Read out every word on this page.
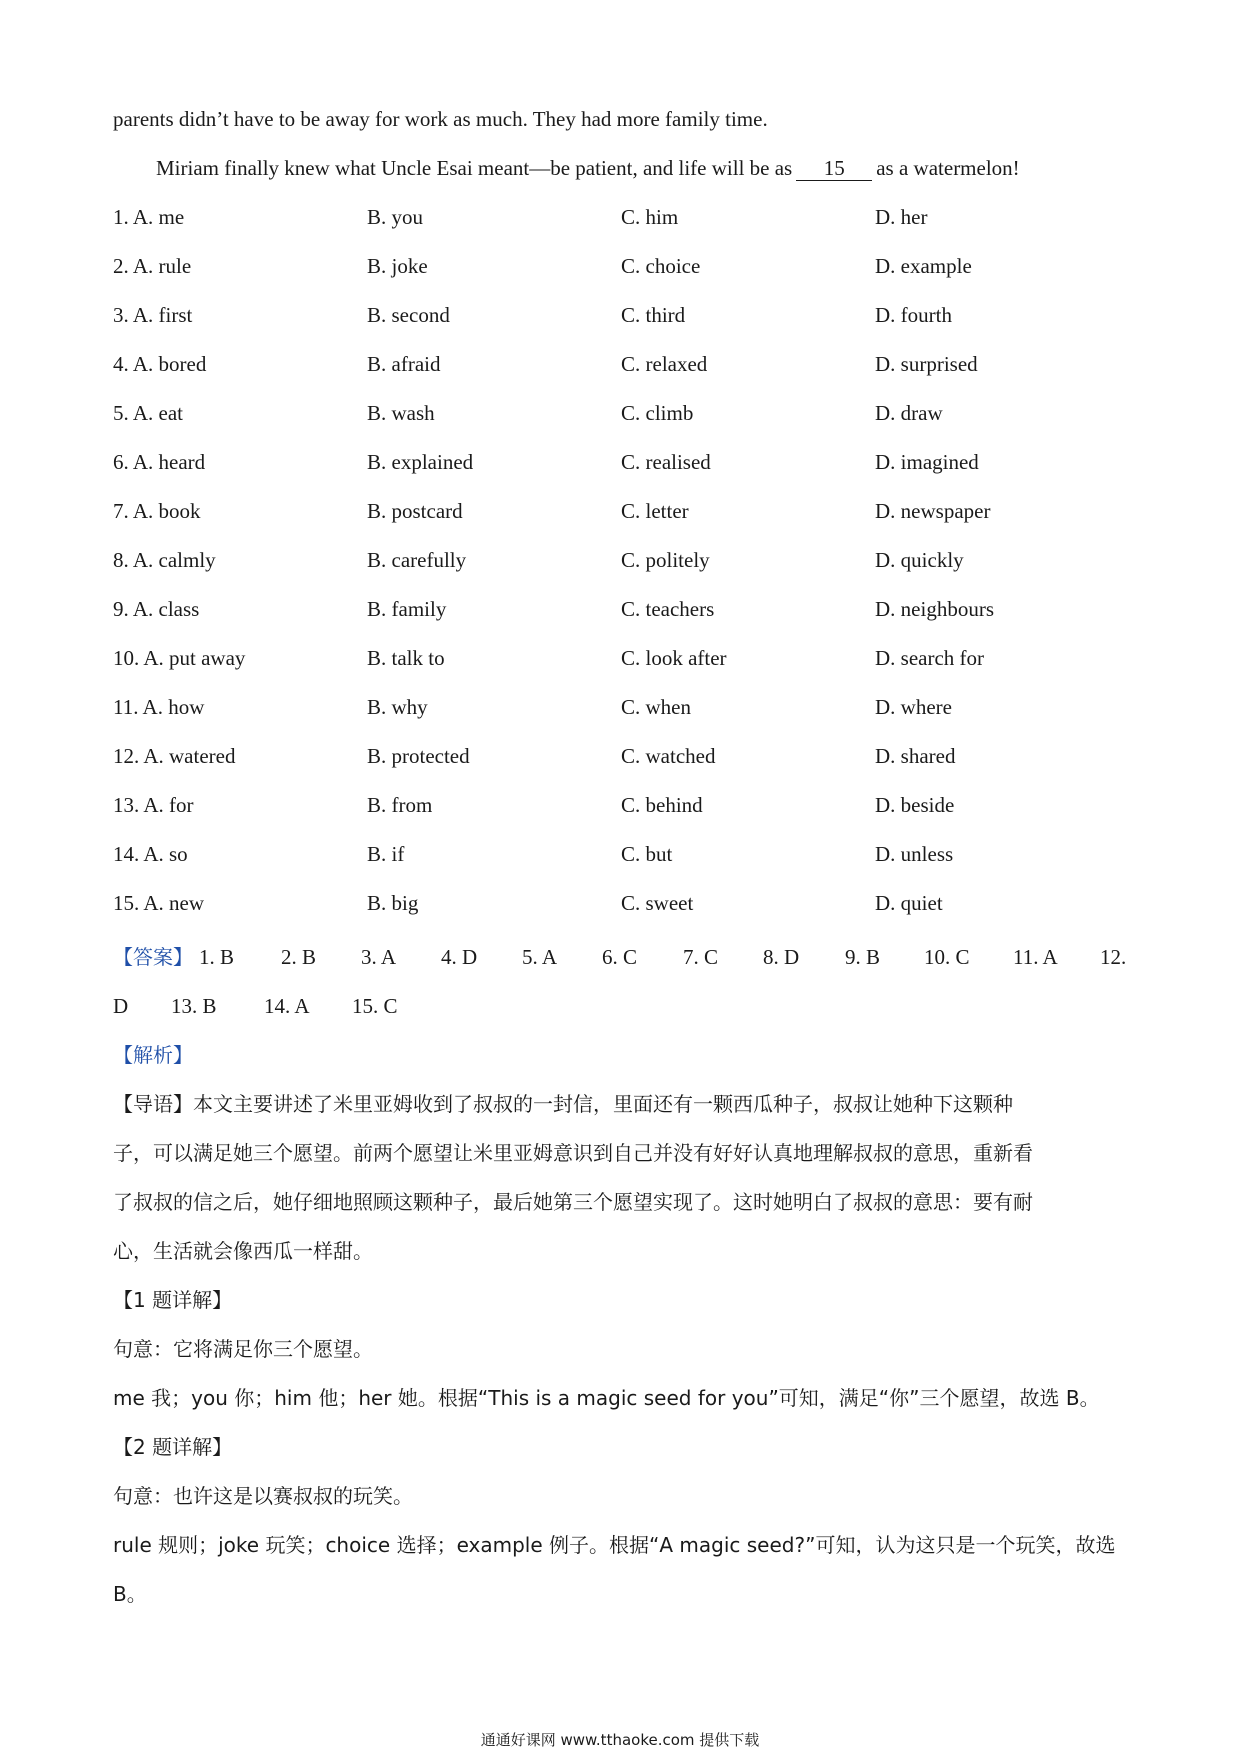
parents didn’t have to be away for work as much. They had more family time.
Miriam finally knew what Uncle Esai meant—be patient, and life will be as 15 as a watermelon!
1. A. me	B. you	C. him	D. her
2. A. rule	B. joke	C. choice	D. example
3. A. first	B. second	C. third	D. fourth
4. A. bored	B. afraid	C. relaxed	D. surprised
5. A. eat	B. wash	C. climb	D. draw
6. A. heard	B. explained	C. realised	D. imagined
7. A. book	B. postcard	C. letter	D. newspaper
8. A. calmly	B. carefully	C. politely	D. quickly
9. A. class	B. family	C. teachers	D. neighbours
10. A. put away	B. talk to	C. look after	D. search for
11. A. how	B. why	C. when	D. where
12. A. watered	B. protected	C. watched	D. shared
13. A. for	B. from	C. behind	D. beside
14. A. so	B. if	C. but	D. unless
15. A. new	B. big	C. sweet	D. quiet
【答案】 1. B 2. B 3. A 4. D 5. A 6. C 7. C 8. D 9. B 10. C 11. A 12.
D 13. B 14. A 15. C
【解析】
【导语】本文主要讲述了米里亚姆收到了叔叔的一封信，里面还有一颗西瓜种子，叔叔让她种下这颗种
子，可以满足她三个愿望。前两个愿望让米里亚姆意识到自己并没有好好认真地理解叔叔的意思，重新看
了叔叔的信之后，她仔细地照顾这颗种子，最后她第三个愿望实现了。这时她明白了叔叔的意思：要有耐
心，生活就会像西瓜一样甜。
【1 题详解】
句意：它将满足你三个愿望。
me 我；you 你；him 他；her 她。根据“This is a magic seed for you”可知，满足“你”三个愿望，故选 B。
【2 题详解】
句意：也许这是以赛叔叔的玩笑。
rule 规则；joke 玩笑；choice 选择；example 例子。根据“A magic seed?”可知，认为这只是一个玩笑，故选
B。
通通好课网 www.tthaoke.com 提供下载
